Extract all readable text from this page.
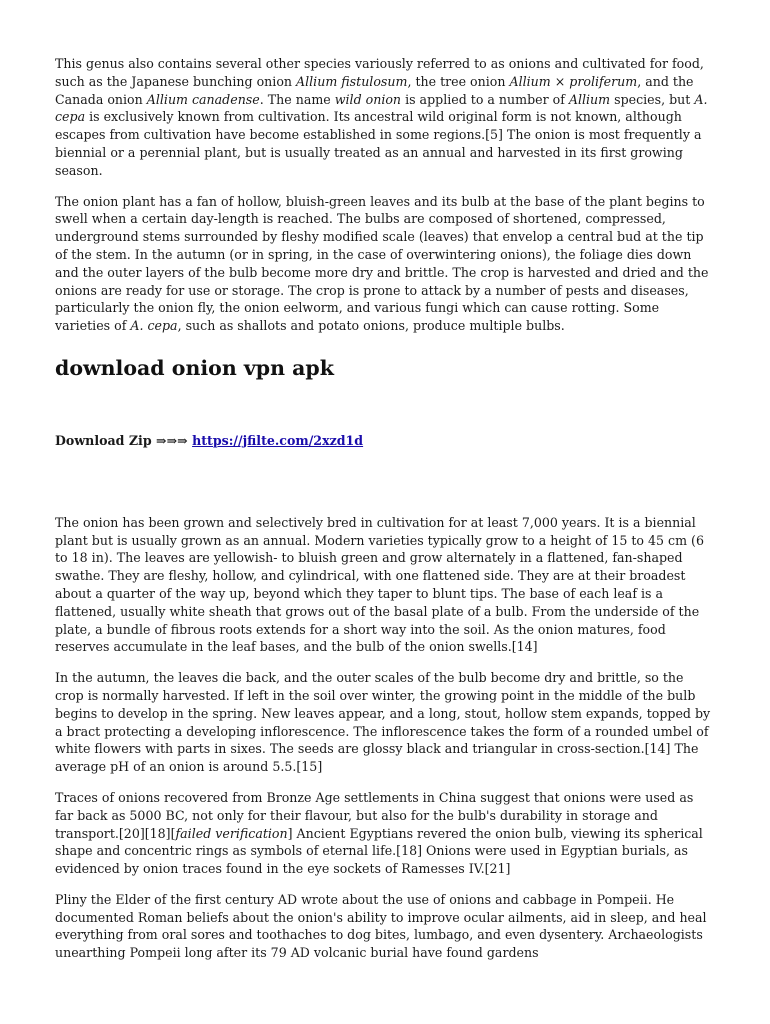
This genus also contains several other species variously referred to as onions and cultivated for food, such as the Japanese bunching onion Allium fistulosum, the tree onion Allium × proliferum, and the Canada onion Allium canadense. The name wild onion is applied to a number of Allium species, but A. cepa is exclusively known from cultivation. Its ancestral wild original form is not known, although escapes from cultivation have become established in some regions.[5] The onion is most frequently a biennial or a perennial plant, but is usually treated as an annual and harvested in its first growing season.

The onion plant has a fan of hollow, bluish-green leaves and its bulb at the base of the plant begins to swell when a certain day-length is reached. The bulbs are composed of shortened, compressed, underground stems surrounded by fleshy modified scale (leaves) that envelop a central bud at the tip of the stem. In the autumn (or in spring, in the case of overwintering onions), the foliage dies down and the outer layers of the bulb become more dry and brittle. The crop is harvested and dried and the onions are ready for use or storage. The crop is prone to attack by a number of pests and diseases, particularly the onion fly, the onion eelworm, and various fungi which can cause rotting. Some varieties of A. cepa, such as shallots and potato onions, produce multiple bulbs.

download onion vpn apk
Download Zip ⇒⇒⇒ https://jfilte.com/2xzd1d

The onion has been grown and selectively bred in cultivation for at least 7,000 years. It is a biennial plant but is usually grown as an annual. Modern varieties typically grow to a height of 15 to 45 cm (6 to 18 in). The leaves are yellowish- to bluish green and grow alternately in a flattened, fan-shaped swathe. They are fleshy, hollow, and cylindrical, with one flattened side. They are at their broadest about a quarter of the way up, beyond which they taper to blunt tips. The base of each leaf is a flattened, usually white sheath that grows out of the basal plate of a bulb. From the underside of the plate, a bundle of fibrous roots extends for a short way into the soil. As the onion matures, food reserves accumulate in the leaf bases, and the bulb of the onion swells.[14]

In the autumn, the leaves die back, and the outer scales of the bulb become dry and brittle, so the crop is normally harvested. If left in the soil over winter, the growing point in the middle of the bulb begins to develop in the spring. New leaves appear, and a long, stout, hollow stem expands, topped by a bract protecting a developing inflorescence. The inflorescence takes the form of a rounded umbel of white flowers with parts in sixes. The seeds are glossy black and triangular in cross-section.[14] The average pH of an onion is around 5.5.[15]

Traces of onions recovered from Bronze Age settlements in China suggest that onions were used as far back as 5000 BC, not only for their flavour, but also for the bulb's durability in storage and transport.[20][18][failed verification] Ancient Egyptians revered the onion bulb, viewing its spherical shape and concentric rings as symbols of eternal life.[18] Onions were used in Egyptian burials, as evidenced by onion traces found in the eye sockets of Ramesses IV.[21]

Pliny the Elder of the first century AD wrote about the use of onions and cabbage in Pompeii. He documented Roman beliefs about the onion's ability to improve ocular ailments, aid in sleep, and heal everything from oral sores and toothaches to dog bites, lumbago, and even dysentery. Archaeologists unearthing Pompeii long after its 79 AD volcanic burial have found gardens
